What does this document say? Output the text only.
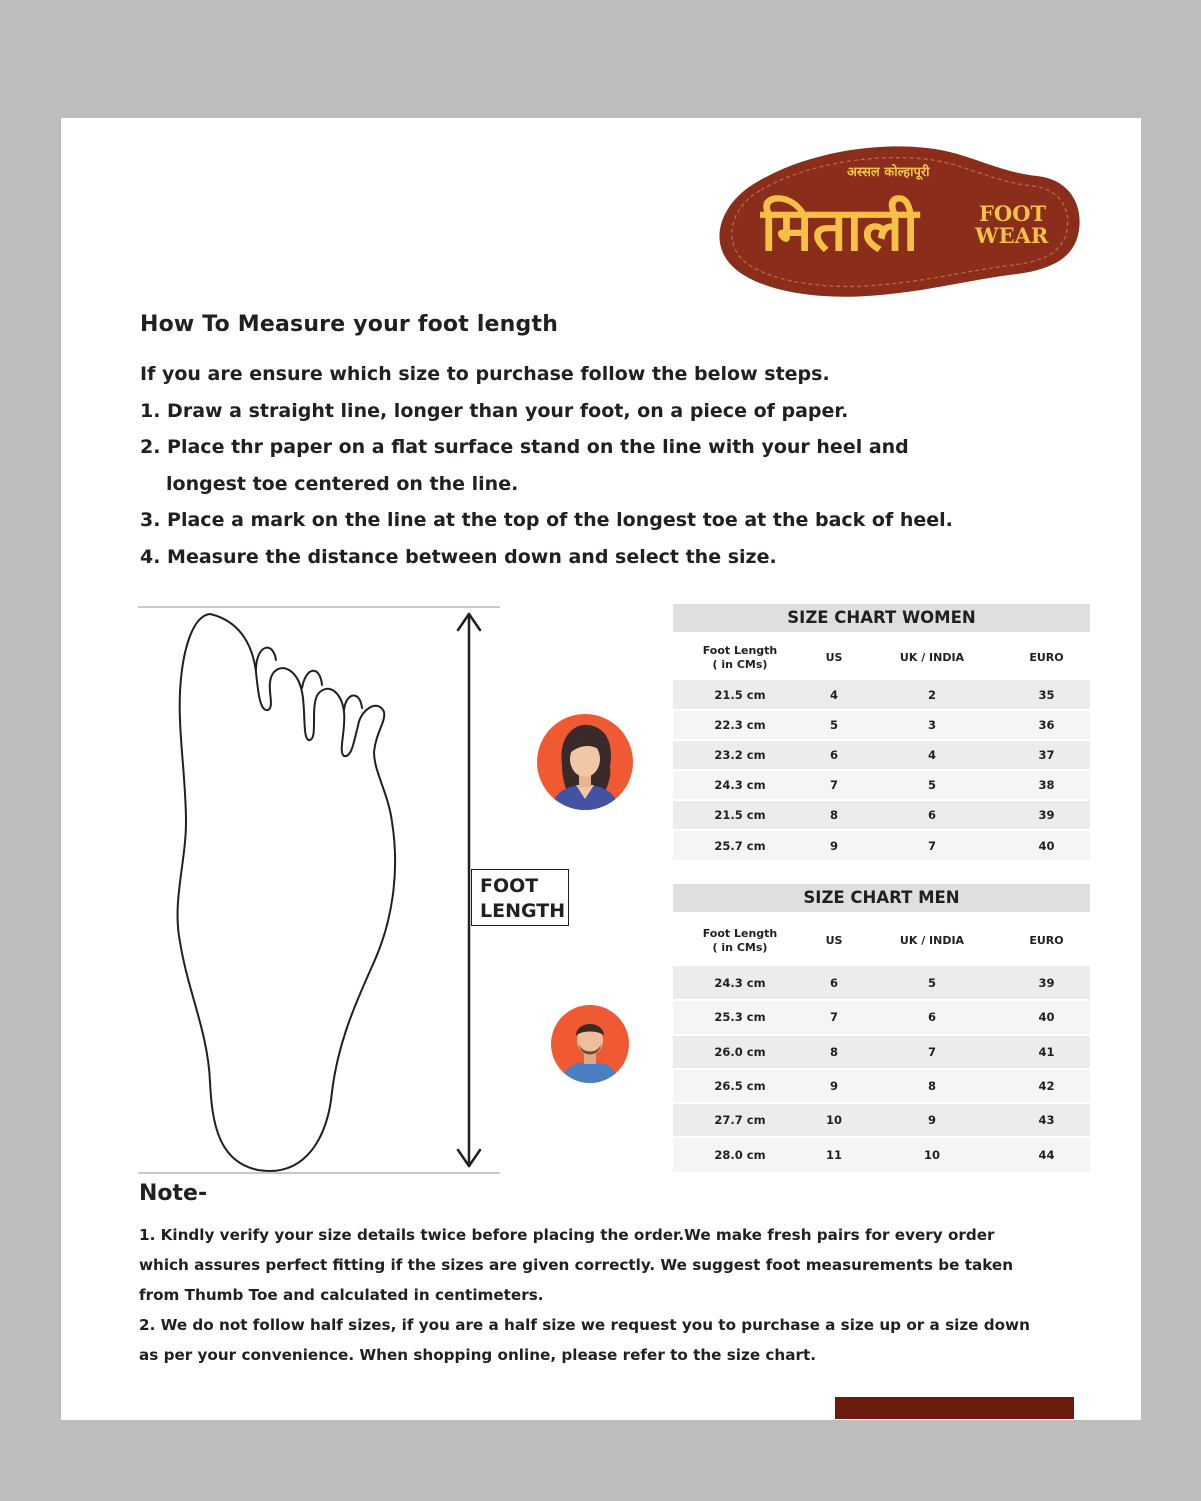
अस्सल कोल्हापूरी
मिताली	FOOT
WEAR
How To Measure your foot length
If you are ensure which size to purchase follow the below steps.
1. Draw a straight line, longer than your foot, on a piece of paper.
2. Place thr paper on a flat surface stand on the line with your heel and
longest toe centered on the line.
3. Place a mark on the line at the top of the longest toe at the back of heel.
4. Measure the distance between down and select the size.
FOOT
LENGTH
SIZE CHART WOMEN
Foot Length
( in CMs)	US	UK / INDIA	EURO
21.5 cm	4	2	35
22.3 cm	5	3	36
23.2 cm	6	4	37
24.3 cm	7	5	38
21.5 cm	8	6	39
25.7 cm	9	7	40
SIZE CHART MEN
Foot Length
( in CMs)	US	UK / INDIA	EURO
24.3 cm	6	5	39
25.3 cm	7	6	40
26.0 cm	8	7	41
26.5 cm	9	8	42
27.7 cm	10	9	43
28.0 cm	11	10	44
Note-
1. Kindly verify your size details twice before placing the order.We make fresh pairs for every order which assures perfect fitting if the sizes are given correctly. We suggest foot measurements be taken from Thumb Toe and calculated in centimeters.
2. We do not follow half sizes, if you are a half size we request you to purchase a size up or a size down as per your convenience. When shopping online, please refer to the size chart.
